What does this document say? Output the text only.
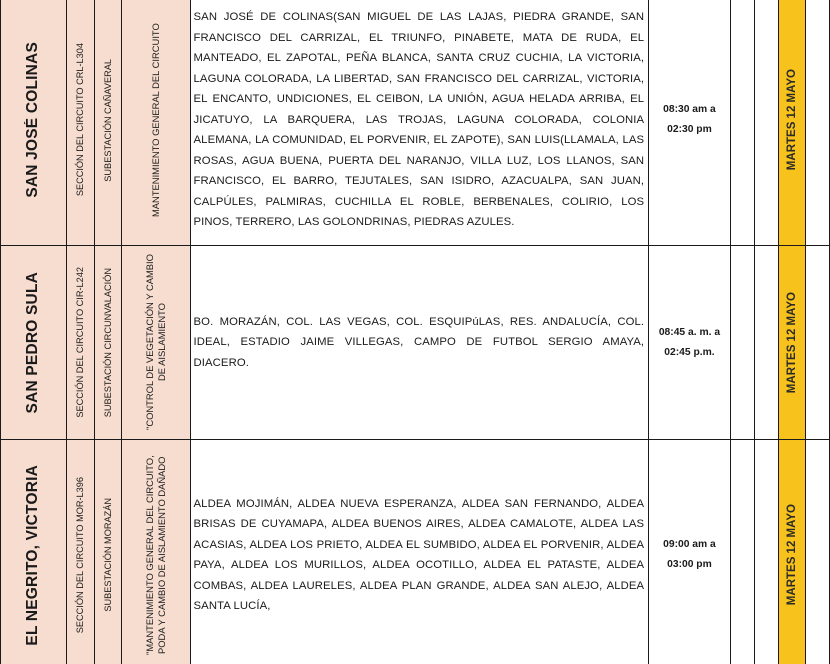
SAN JOSÉ COLINAS	SECCIÓN DEL CIRCUITO CRL-L304	SUBESTACIÓN CAÑAVERAL	MANTENIMIENTO GENERAL DEL CIRCUITO	SAN JOSÉ DE COLINAS(SAN MIGUEL DE LAS LAJAS, PIEDRA GRANDE, SAN FRANCISCO DEL CARRIZAL, EL TRIUNFO, PINABETE, MATA DE RUDA, EL MANTEADO, EL ZAPOTAL, PEÑA BLANCA, SANTA CRUZ CUCHIA, LA VICTORIA, LAGUNA COLORADA, LA LIBERTAD, SAN FRANCISCO DEL CARRIZAL, VICTORIA, EL ENCANTO, UNDICIONES, EL CEIBON, LA UNIÓN, AGUA HELADA ARRIBA, EL JICATUYO, LA BARQUERA, LAS TROJAS, LAGUNA COLORADA, COLONIA ALEMANA, LA COMUNIDAD, EL PORVENIR, EL ZAPOTE), SAN LUIS(LLAMALA, LAS ROSAS, AGUA BUENA, PUERTA DEL NARANJO, VILLA LUZ, LOS LLANOS, SAN FRANCISCO, EL BARRO, TEJUTALES, SAN ISIDRO, AZACUALPA, SAN JUAN, CALPÚLES, PALMIRAS, CUCHILLA EL ROBLE, BERBENALES, COLIRIO, LOS PINOS, TERRERO, LAS GOLONDRINAS, PIEDRAS AZULES.	08:30 am a
02:30 pm			MARTES 12 MAYO	

SAN PEDRO SULA	SECCIÓN DEL CIRCUITO CIR-L242	SUBESTACIÓN CIRCUNVALACIÓN	"CONTROL DE VEGETACIÓN Y CAMBIO DE AISLAMIENTO	BO. MORAZÁN, COL. LAS VEGAS, COL. ESQUIPúLAS, RES. ANDALUCÍA, COL. IDEAL, ESTADIO JAIME VILLEGAS, CAMPO DE FUTBOL SERGIO AMAYA, DIACERO.	08:45 a. m. a
02:45 p.m.			MARTES 12 MAYO	

EL NEGRITO, VICTORIA	SECCIÓN DEL CIRCUITO MOR-L396	SUBESTACIÓN MORAZÁN	"MANTENIMIENTO GENERAL DEL CIRCUITO, PODA Y CAMBIO DE AISLAMIENTO DAÑADO	ALDEA MOJIMÁN, ALDEA NUEVA ESPERANZA, ALDEA SAN FERNANDO, ALDEA BRISAS DE CUYAMAPA, ALDEA BUENOS AIRES, ALDEA CAMALOTE, ALDEA LAS ACASIAS, ALDEA LOS PRIETO, ALDEA EL SUMBIDO, ALDEA EL PORVENIR, ALDEA PAYA, ALDEA LOS MURILLOS, ALDEA OCOTILLO, ALDEA EL PATASTE, ALDEA COMBAS, ALDEA LAURELES, ALDEA PLAN GRANDE, ALDEA SAN ALEJO, ALDEA SANTA LUCÍA,	09:00 am a
03:00 pm			MARTES 12 MAYO	
